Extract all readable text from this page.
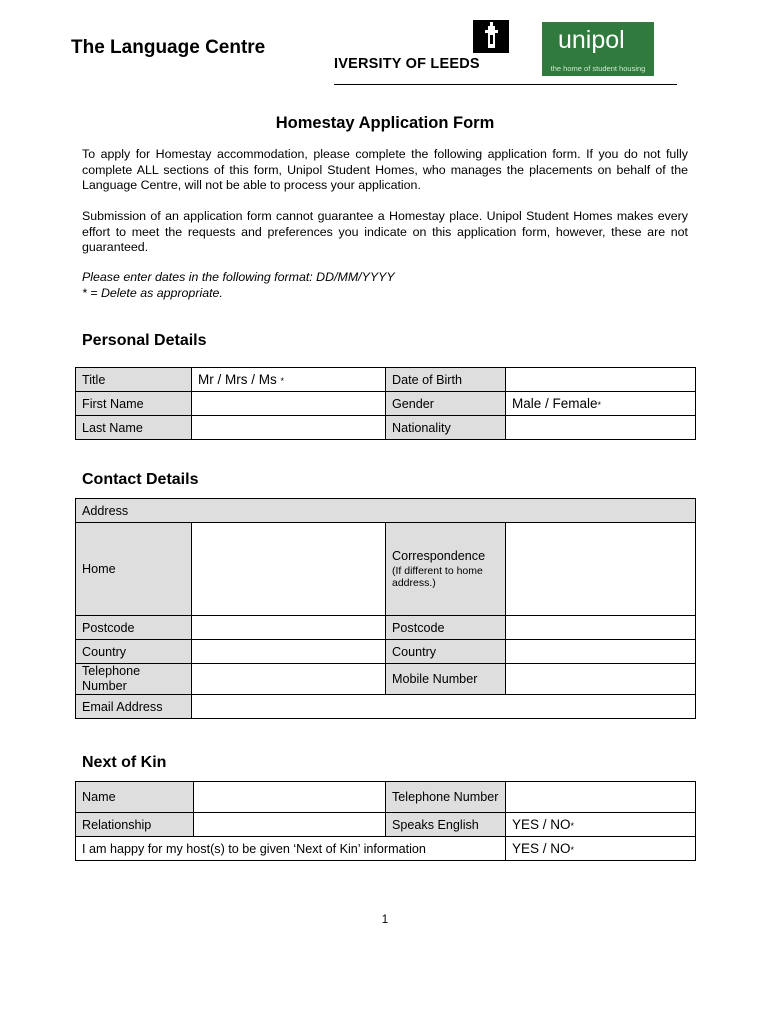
The Language Centre
IVERSITY OF LEEDS
unipol
the home of student housing
Homestay Application Form
To apply for Homestay accommodation, please complete the following application form. If you do not fully complete ALL sections of this form, Unipol Student Homes, who manages the placements on behalf of the Language Centre, will not be able to process your application.
Submission of an application form cannot guarantee a Homestay place. Unipol Student Homes makes every effort to meet the requests and preferences you indicate on this application form, however, these are not guaranteed.
Please enter dates in the following format: DD/MM/YYYY
* = Delete as appropriate.
Personal Details
Title	Mr / Mrs / Ms *	Date of Birth	
First Name		Gender	Male / Female*
Last Name		Nationality	
Contact Details
Address			
Home		Correspondence
(If different to home address.)	

Postcode		Postcode	
Country		Country	
Telephone Number		Mobile Number	
Email Address			
Next of Kin
Name		Telephone Number	
Relationship		Speaks English	YES / NO*
I am happy for my host(s) to be given ‘Next of Kin’ information			YES / NO*
1
